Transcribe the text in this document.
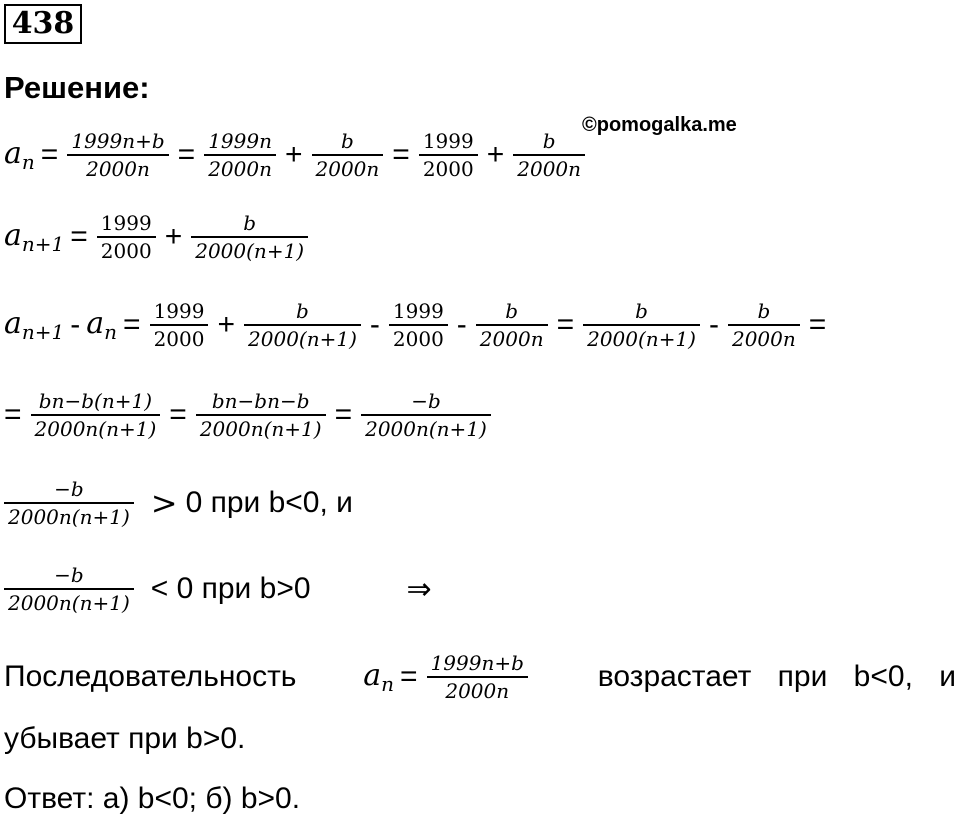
438
Решение:
©pomogalka.me
$a_n = \frac{1999n+b}{2000n} = \frac{1999n}{2000n} + \frac{b}{2000n} = \frac{1999}{2000} + \frac{b}{2000n}$
$a_{n+1} = \frac{1999}{2000} + \frac{b}{2000(n+1)}$
$a_{n+1} - a_n = \frac{1999}{2000} + \frac{b}{2000(n+1)} - \frac{1999}{2000} - \frac{b}{2000n} = \frac{b}{2000(n+1)} - \frac{b}{2000n}$ =
= $\frac{bn-b(n+1)}{2000n(n+1)} = \frac{bn-bn-b}{2000n(n+1)} = \frac{-b}{2000n(n+1)}$
$\frac{-b}{2000n(n+1)} > 0$ при b<0, и
$\frac{-b}{2000n(n+1)} < 0$ при b>0	⇒
Последовательность $a_n = \frac{1999n+b}{2000n}$ возрастает при b<0, и
убывает при b>0.
Ответ: а) b<0; б) b>0.
